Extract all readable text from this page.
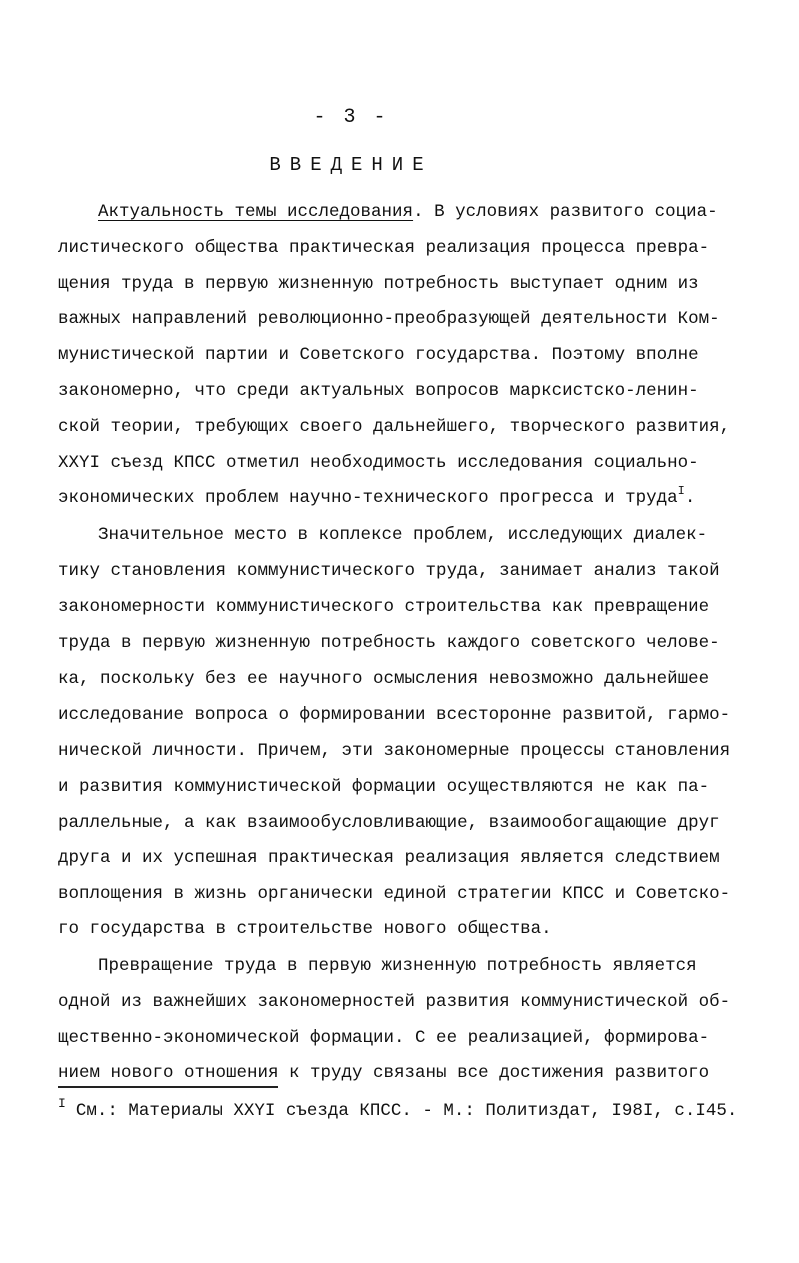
- 3 -
ВВЕДЕНИЕ
Актуальность темы исследования. В условиях развитого социа-
листического общества практическая реализация процесса превра-
щения труда в первую жизненную потребность выступает одним из
важных направлений революционно-преобразующей деятельности Ком-
мунистической партии и Советского государства. Поэтому вполне
закономерно, что среди актуальных вопросов марксистско-ленин-
ской теории, требующих своего дальнейшего, творческого развития,
XXYI съезд КПСС отметил необходимость исследования социально-
экономических проблем научно-технического прогресса и труда$^I$.
Значительное место в коплексе проблем, исследующих диалек-
тику становления коммунистического труда, занимает анализ такой
закономерности коммунистического строительства как превращение
труда в первую жизненную потребность каждого советского челове-
ка, поскольку без ее научного осмысления невозможно дальнейшее
исследование вопроса о формировании всесторонне развитой, гармо-
нической личности. Причем, эти закономерные процессы становления
и развития коммунистической формации осуществляются не как па-
раллельные, а как взаимообусловливающие, взаимообогащающие друг
друга и их успешная практическая реализация является следствием
воплощения в жизнь органически единой стратегии КПСС и Советско-
го государства в строительстве нового общества.
Превращение труда в первую жизненную потребность является
одной из важнейших закономерностей развития коммунистической об-
щественно-экономической формации. С ее реализацией, формирова-
нием нового отношения к труду связаны все достижения развитого
$^I$ См.: Материалы XXYI съезда КПСС. - М.: Политиздат, I98I, с.I45.
